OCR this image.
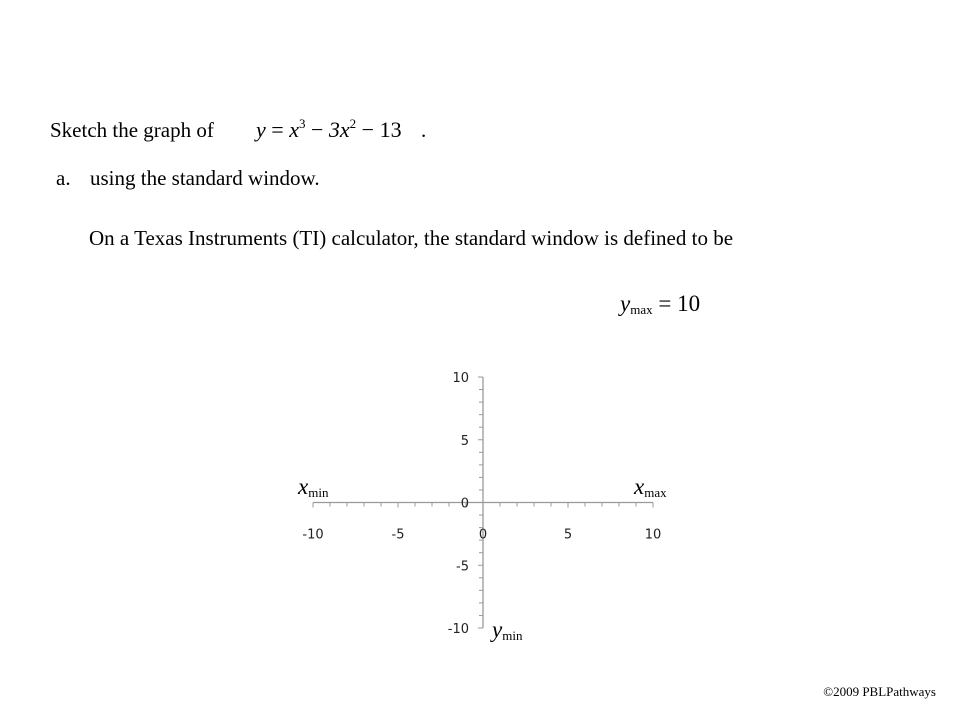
Sketch the graph of $y = x^3 - 3x^2 - 13$ .
a. using the standard window.
On a Texas Instruments (TI) calculator, the standard window is defined to be
$y_{max} = 10$
-10	-5	0	5	10
10
5
0
-5
-10
$x_{min}$	$x_{max}$
$y_{min}$
©2009 PBLPathways
